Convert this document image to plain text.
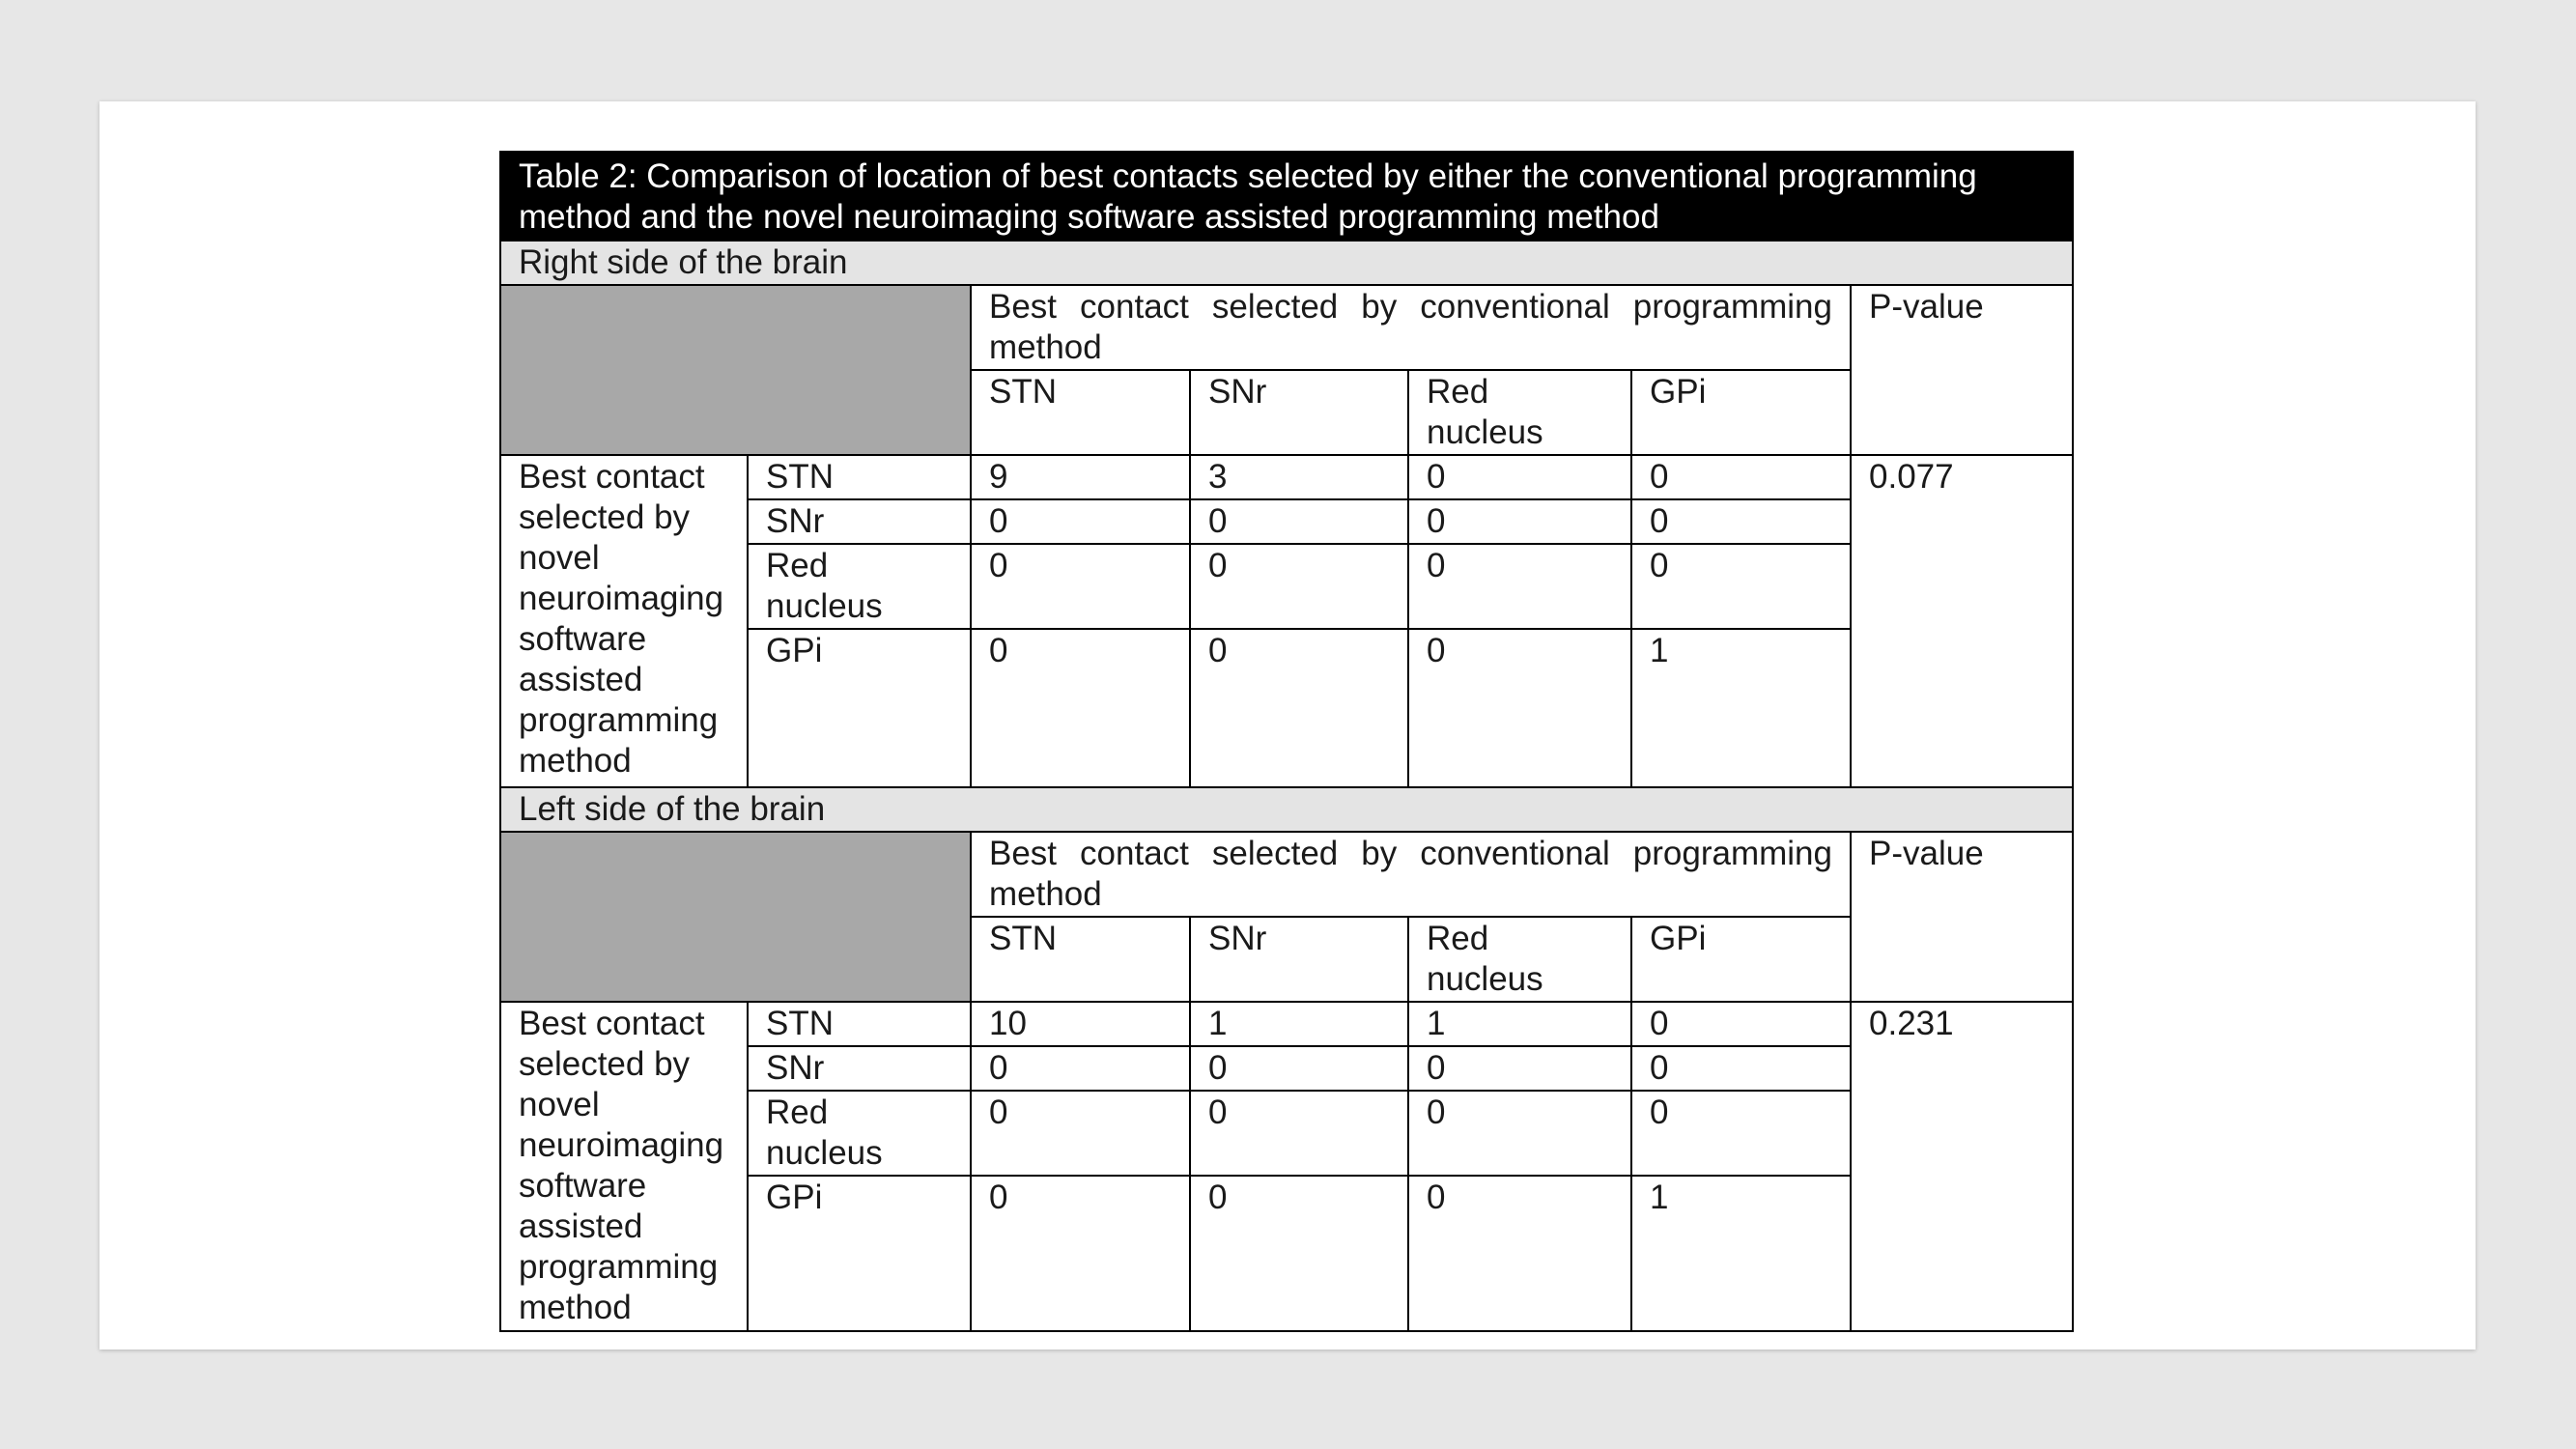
Table 2: Comparison of location of best contacts selected by either the conventional programming method and the novel neuroimaging software assisted programming method						
Right side of the brain						
		Best contact selected by conventional programming method				P-value
		STN	SNr	Red nucleus	GPi	
Best contact selected by novel neuroimaging software assisted programming method	STN	9	3	0	0	0.077
	SNr	0	0	0	0	
	Red nucleus	0	0	0	0	
	GPi	0	0	0	1	
Left side of the brain						
		Best contact selected by conventional programming method				P-value
		STN	SNr	Red nucleus	GPi	
Best contact selected by novel neuroimaging software assisted programming method	STN	10	1	1	0	0.231
	SNr	0	0	0	0	
	Red nucleus	0	0	0	0	
	GPi	0	0	0	1	
